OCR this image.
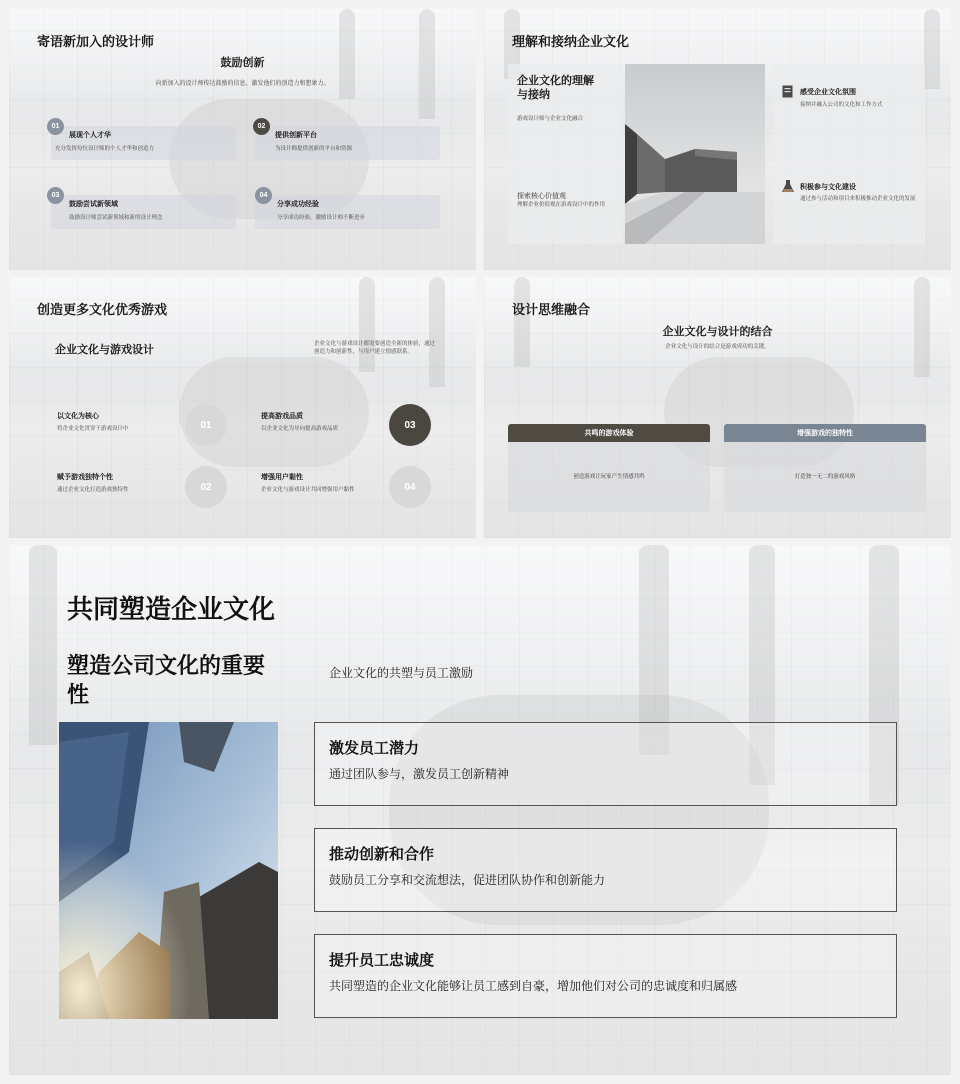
寄语新加入的设计师
鼓励创新
向新加入的设计师传达鼓励的信息，激发他们的创造力和想象力。
01
展现个人才华
充分发挥每位设计师的个人才华和创造力
02
提供创新平台
为设计师提供创新的平台和资源
03
鼓励尝试新领域
鼓励设计师尝试新领域和新的设计理念
04
分享成功经验
分享成功经验，激励设计师不断进步
理解和接纳企业文化
企业文化的理解与接纳
游戏设计师与企业文化融合
探索核心价值观
理解企业价值观在游戏设计中的作用
感受企业文化氛围
接纳并融入公司的文化和工作方式
积极参与文化建设
通过参与活动和项目来积极推动企业文化的发展
创造更多文化优秀游戏
企业文化与游戏设计	企业文化与游戏设计都需要创造全新的体验，通过创造力和创新性，与用户建立情感联系。
以文化为核心
将企业文化贯穿于游戏设计中	01
赋予游戏独特个性
通过企业文化打造游戏独特性	02
提高游戏品质
以企业文化为导向提高游戏品质	03
增强用户黏性
企业文化与游戏设计共同增强用户黏性	04
设计思维融合
企业文化与设计的结合
企业文化与设计的结合是游戏成功的关键。
共鸣的游戏体验
创造游戏让玩家产生情感共鸣
增强游戏的独特性
打造独一无二的游戏风格
共同塑造企业文化
塑造公司文化的重要性
企业文化的共塑与员工激励
激发员工潜力
通过团队参与，激发员工创新精神
推动创新和合作
鼓励员工分享和交流想法，促进团队协作和创新能力
提升员工忠诚度
共同塑造的企业文化能够让员工感到自豪，增加他们对公司的忠诚度和归属感
